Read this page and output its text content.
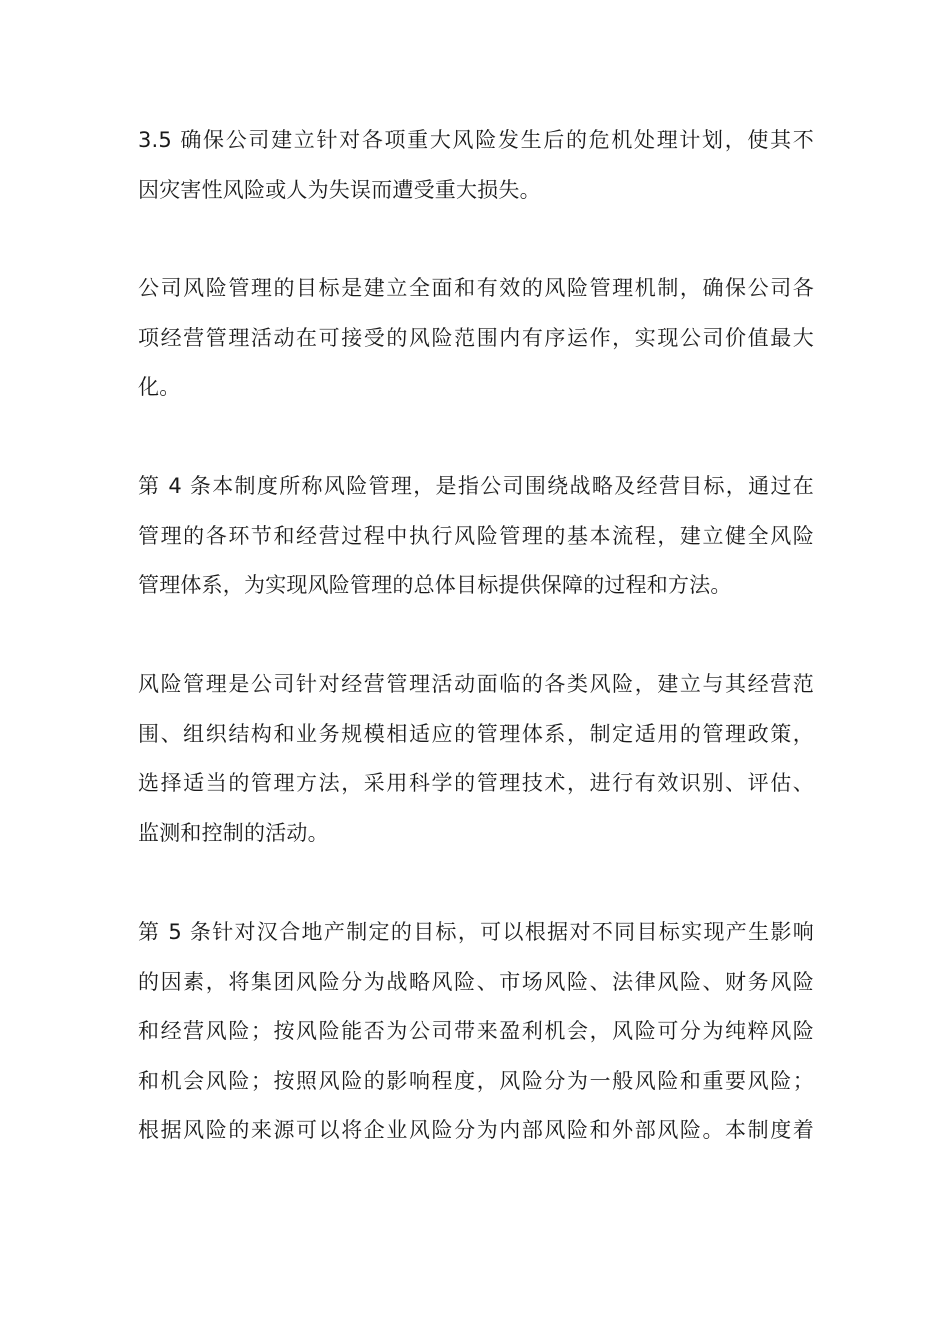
3.5 确保公司建立针对各项重大风险发生后的危机处理计划，使其不
因灾害性风险或人为失误而遭受重大损失。
公司风险管理的目标是建立全面和有效的风险管理机制，确保公司各
项经营管理活动在可接受的风险范围内有序运作，实现公司价值最大
化。
第 4 条本制度所称风险管理，是指公司围绕战略及经营目标，通过在
管理的各环节和经营过程中执行风险管理的基本流程，建立健全风险
管理体系，为实现风险管理的总体目标提供保障的过程和方法。
风险管理是公司针对经营管理活动面临的各类风险，建立与其经营范
围、组织结构和业务规模相适应的管理体系，制定适用的管理政策，
选择适当的管理方法，采用科学的管理技术，进行有效识别、评估、
监测和控制的活动。
第 5 条针对汉合地产制定的目标，可以根据对不同目标实现产生影响
的因素，将集团风险分为战略风险、市场风险、法律风险、财务风险
和经营风险；按风险能否为公司带来盈利机会，风险可分为纯粹风险
和机会风险；按照风险的影响程度，风险分为一般风险和重要风险；
根据风险的来源可以将企业风险分为内部风险和外部风险。本制度着
